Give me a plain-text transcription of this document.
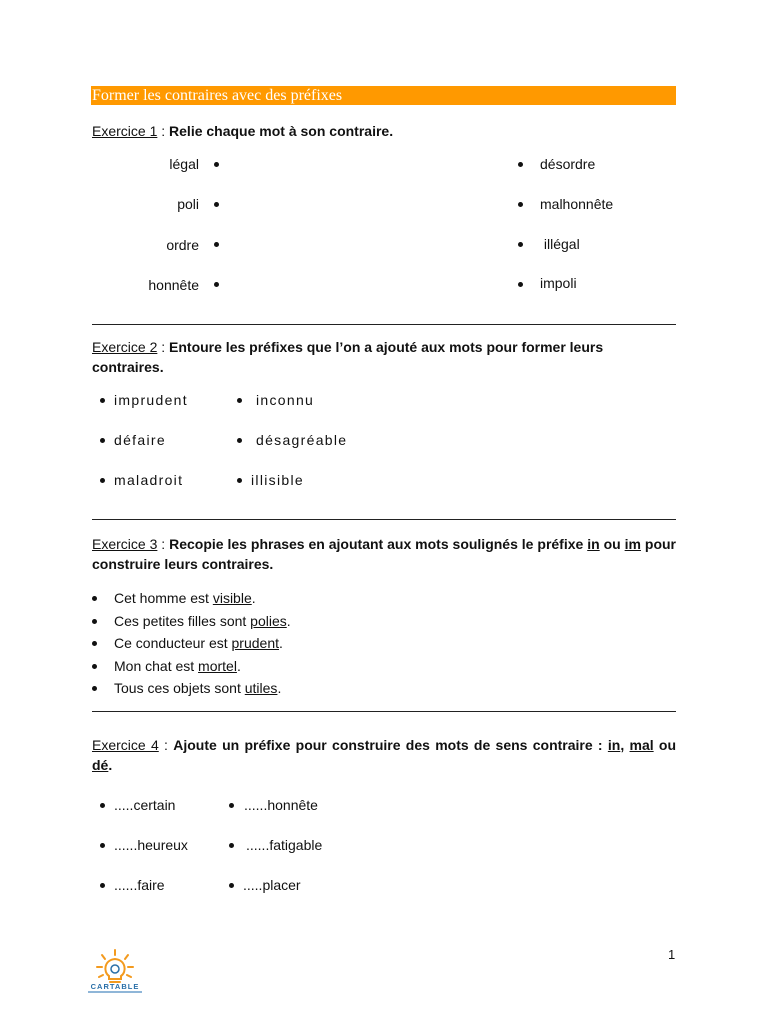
Former les contraires avec des préfixes
Exercice 1 : Relie chaque mot à son contraire.
légal
poli
ordre
honnête
désordre
malhonnête
illégal
impoli
Exercice 2 : Entoure les préfixes que l’on a ajouté aux mots pour former leurs contraires.
imprudent
défaire
maladroit
inconnu
désagréable
illisible
Exercice 3 : Recopie les phrases en ajoutant aux mots soulignés le préfixe in ou im pour construire leurs contraires.
Cet homme est visible.
Ces petites filles sont polies.
Ce conducteur est prudent.
Mon chat est mortel.
Tous ces objets sont utiles.
Exercice 4 : Ajoute un préfixe pour construire des mots de sens contraire : in, mal ou dé.
.....certain
......heureux
......faire
......honnête
......fatigable
.....placer
CARTABLE
1
